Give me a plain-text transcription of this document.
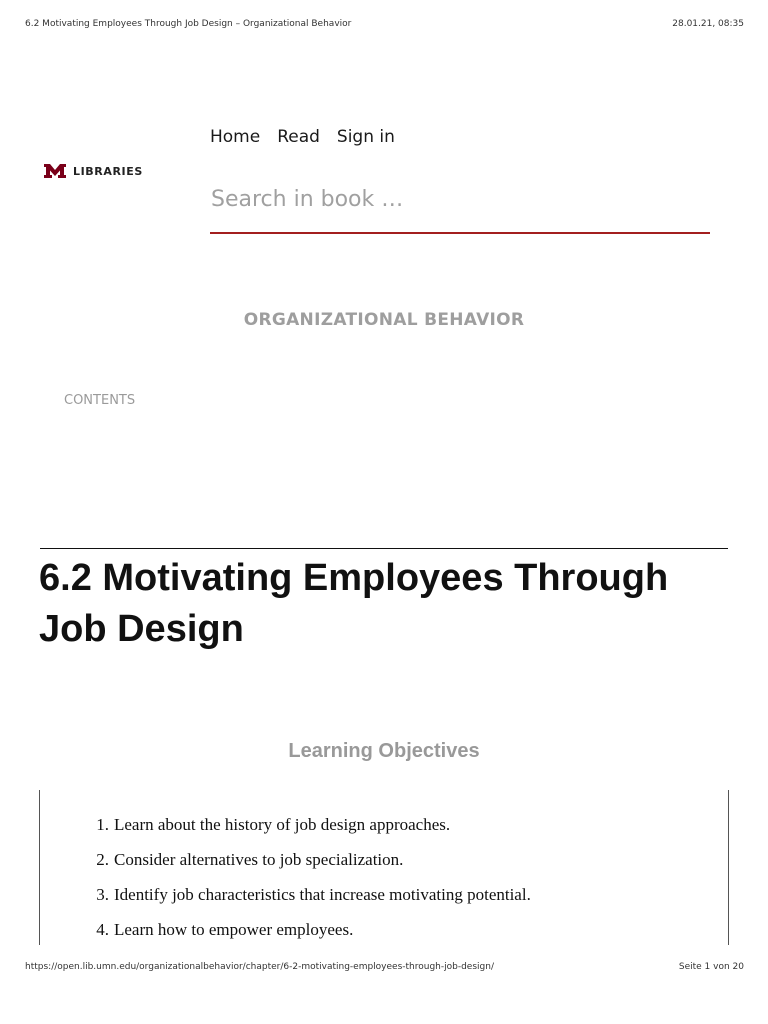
6.2 Motivating Employees Through Job Design – Organizational Behavior	28.01.21, 08:35
LIBRARIES
Home Read Sign in
Search in book …
ORGANIZATIONAL BEHAVIOR
CONTENTS
6.2 Motivating Employees Through Job Design
Learning Objectives
1. Learn about the history of job design approaches.
2. Consider alternatives to job specialization.
3. Identify job characteristics that increase motivating potential.
4. Learn how to empower employees.
https://open.lib.umn.edu/organizationalbehavior/chapter/6-2-motivating-employees-through-job-design/	Seite 1 von 20
